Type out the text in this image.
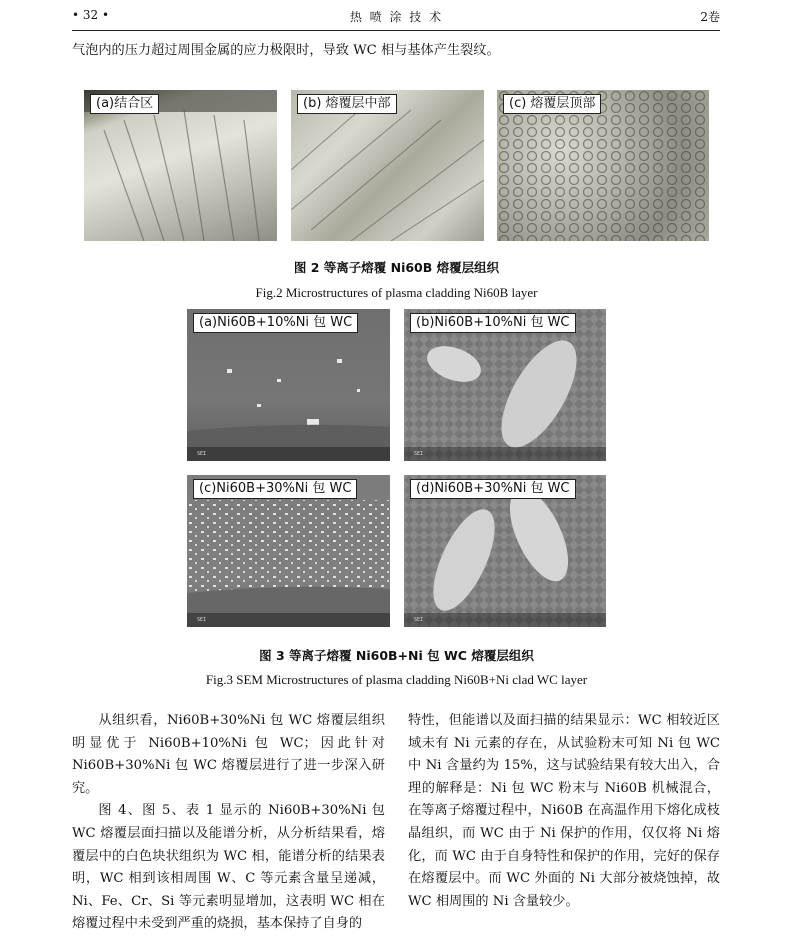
• 32 •	热 喷 涂 技 术	2卷
气泡内的压力超过周围金属的应力极限时，导致 WC 相与基体产生裂纹。
(a)结合区	(b) 熔覆层中部	(c) 熔覆层顶部
图 2 等离子熔覆 Ni60B 熔覆层组织
Fig.2 Microstructures of plasma cladding Ni60B layer
(a)Ni60B+10%Ni 包 WC
SEI
(b)Ni60B+10%Ni 包 WC
SEI
(c)Ni60B+30%Ni 包 WC
SEI
(d)Ni60B+30%Ni 包 WC
SEI
图 3 等离子熔覆 Ni60B+Ni 包 WC 熔覆层组织
Fig.3 SEM Microstructures of plasma cladding Ni60B+Ni clad WC layer

从组织看，Ni60B+30%Ni 包 WC 熔覆层组织明显优于 Ni60B+10%Ni 包 WC；因此针对 Ni60B+30%Ni 包 WC 熔覆层进行了进一步深入研究。

图 4、图 5、表 1 显示的 Ni60B+30%Ni 包 WC 熔覆层面扫描以及能谱分析，从分析结果看，熔覆层中的白色块状组织为 WC 相，能谱分析的结果表明，WC 相到该相周围 W、C 等元素含量呈递减，Ni、Fe、Cr、Si 等元素明显增加，这表明 WC 相在熔覆过程中未受到严重的烧损，基本保持了自身的

特性，但能谱以及面扫描的结果显示：WC 相较近区域未有 Ni 元素的存在，从试验粉末可知 Ni 包 WC 中 Ni 含量约为 15%，这与试验结果有较大出入，合理的解释是：Ni 包 WC 粉末与 Ni60B 机械混合，在等离子熔覆过程中，Ni60B 在高温作用下熔化成枝晶组织，而 WC 由于 Ni 保护的作用，仅仅将 Ni 熔化，而 WC 由于自身特性和保护的作用，完好的保存在熔覆层中。而 WC 外面的 Ni 大部分被烧蚀掉，故 WC 相周围的 Ni 含量较少。
